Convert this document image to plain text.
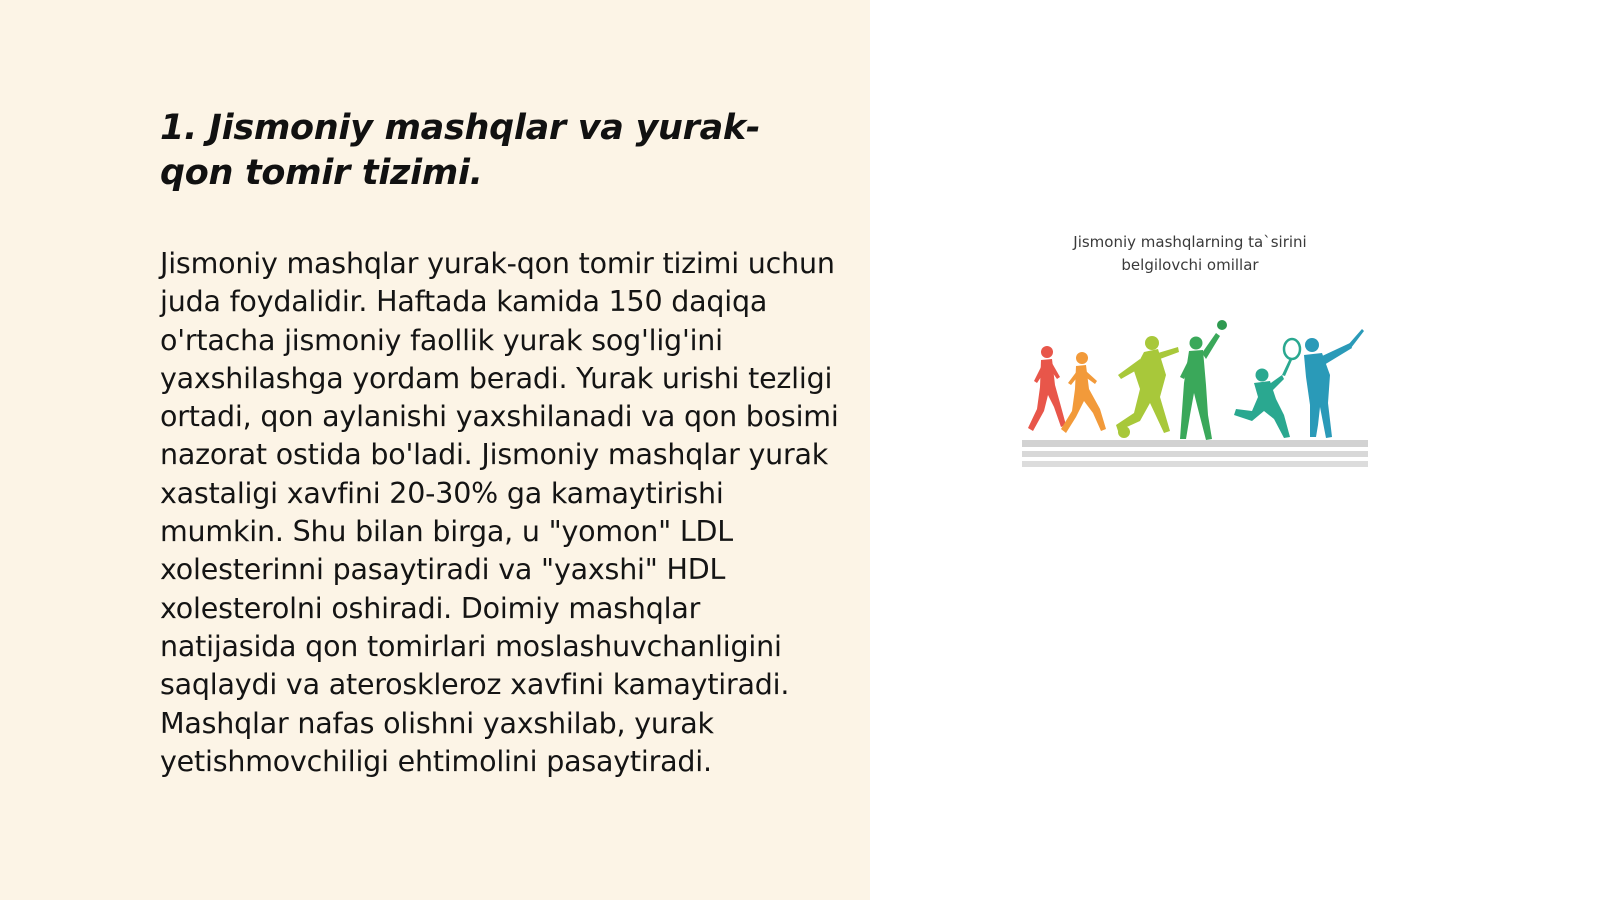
1. Jismoniy mashqlar va yurak-qon tomir tizimi.

Jismoniy mashqlar yurak-qon tomir tizimi uchun juda foydalidir. Haftada kamida 150 daqiqa o'rtacha jismoniy faollik yurak sog'lig'ini yaxshilashga yordam beradi. Yurak urishi tezligi ortadi, qon aylanishi yaxshilanadi va qon bosimi nazorat ostida bo'ladi. Jismoniy mashqlar yurak xastaligi xavfini 20-30% ga kamaytirishi mumkin. Shu bilan birga, u "yomon" LDL xolesterinni pasaytiradi va "yaxshi" HDL xolesterolni oshiradi. Doimiy mashqlar natijasida qon tomirlari moslashuvchanligini saqlaydi va ateroskleroz xavfini kamaytiradi. Mashqlar nafas olishni yaxshilab, yurak yetishmovchiligi ehtimolini pasaytiradi.

Jismoniy mashqlarning ta`sirini belgilovchi omillar
